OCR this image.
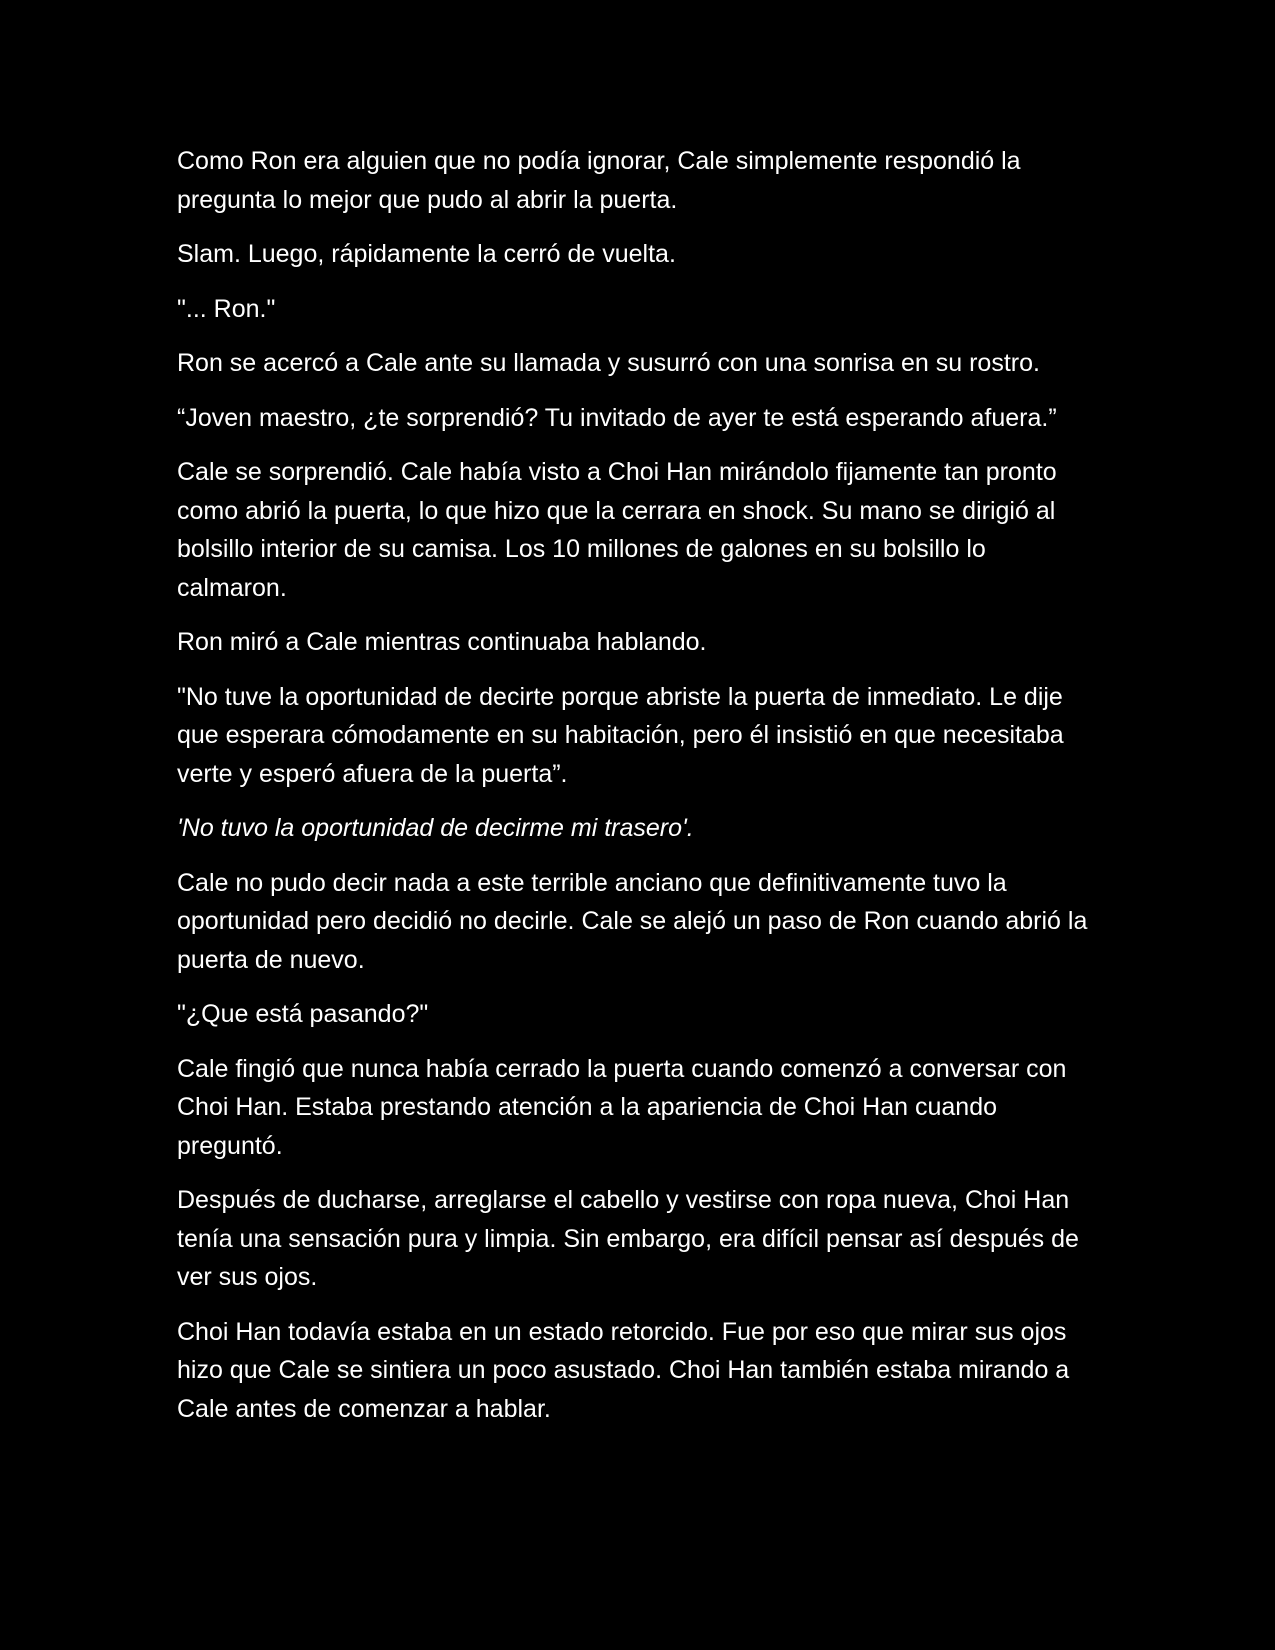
Como Ron era alguien que no podía ignorar, Cale simplemente respondió la pregunta lo mejor que pudo al abrir la puerta.

Slam. Luego, rápidamente la cerró de vuelta.

"... Ron."

Ron se acercó a Cale ante su llamada y susurró con una sonrisa en su rostro.

“Joven maestro, ¿te sorprendió? Tu invitado de ayer te está esperando afuera.”

Cale se sorprendió. Cale había visto a Choi Han mirándolo fijamente tan pronto como abrió la puerta, lo que hizo que la cerrara en shock. Su mano se dirigió al bolsillo interior de su camisa. Los 10 millones de galones en su bolsillo lo calmaron.

Ron miró a Cale mientras continuaba hablando.

"No tuve la oportunidad de decirte porque abriste la puerta de inmediato. Le dije que esperara cómodamente en su habitación, pero él insistió en que necesitaba verte y esperó afuera de la puerta”.

'No tuvo la oportunidad de decirme mi trasero'.

Cale no pudo decir nada a este terrible anciano que definitivamente tuvo la oportunidad pero decidió no decirle. Cale se alejó un paso de Ron cuando abrió la puerta de nuevo.

"¿Que está pasando?"

Cale fingió que nunca había cerrado la puerta cuando comenzó a conversar con Choi Han. Estaba prestando atención a la apariencia de Choi Han cuando preguntó.

Después de ducharse, arreglarse el cabello y vestirse con ropa nueva, Choi Han tenía una sensación pura y limpia. Sin embargo, era difícil pensar así después de ver sus ojos.

Choi Han todavía estaba en un estado retorcido. Fue por eso que mirar sus ojos hizo que Cale se sintiera un poco asustado. Choi Han también estaba mirando a Cale antes de comenzar a hablar.
